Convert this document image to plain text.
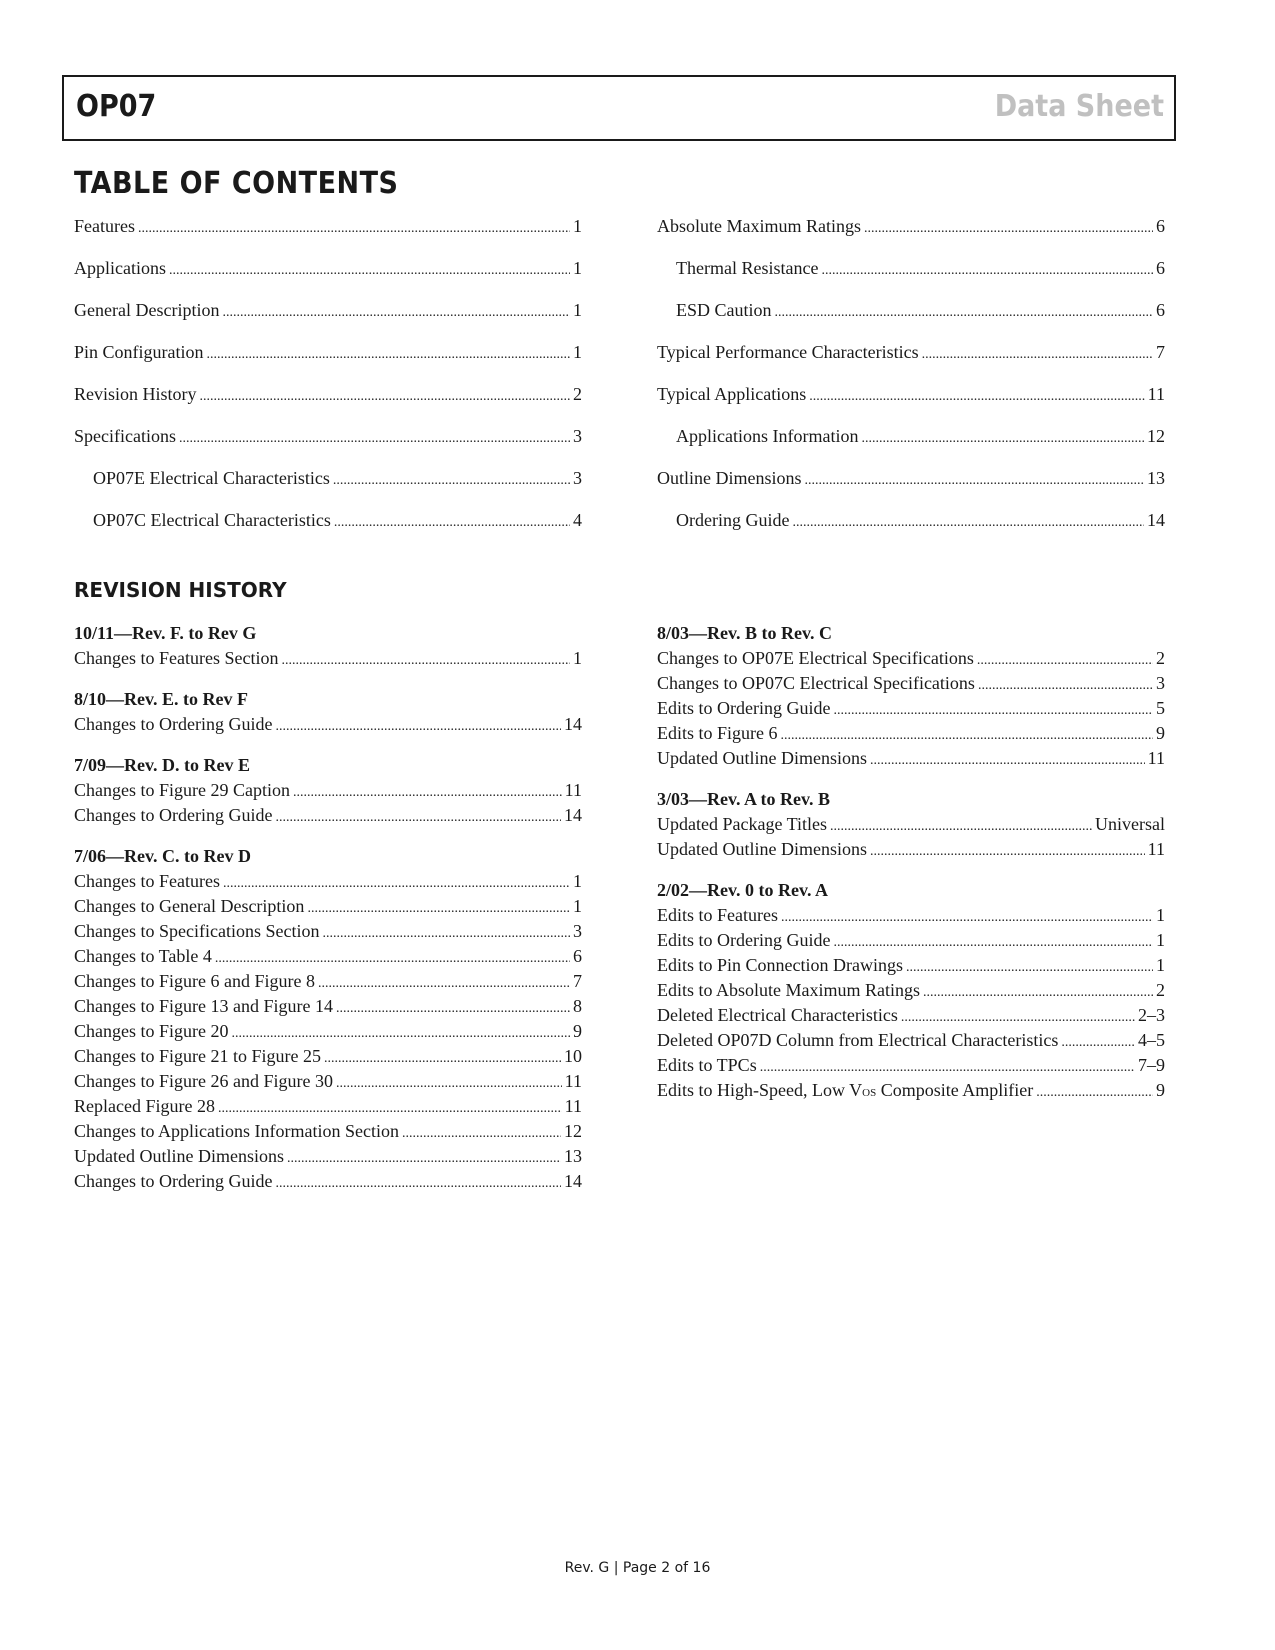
OP07	Data Sheet
TABLE OF CONTENTS
Features .....	1
Applications .....	1
General Description .....	1
Pin Configuration .....	1
Revision History .....	2
Specifications .....	3
OP07E Electrical Characteristics .....	3
OP07C Electrical Characteristics .....	4
Absolute Maximum Ratings .....	6
Thermal Resistance .....	6
ESD Caution .....	6
Typical Performance Characteristics .....	7
Typical Applications .....	11
Applications Information .....	12
Outline Dimensions .....	13
Ordering Guide .....	14
REVISION HISTORY
10/11—Rev. F. to Rev G
Changes to Features Section .....	1
8/10—Rev. E. to Rev F
Changes to Ordering Guide .....	14
7/09—Rev. D. to Rev E
Changes to Figure 29 Caption .....	11
Changes to Ordering Guide .....	14
7/06—Rev. C. to Rev D
Changes to Features .....	1
Changes to General Description .....	1
Changes to Specifications Section .....	3
Changes to Table 4 .....	6
Changes to Figure 6 and Figure 8 .....	7
Changes to Figure 13 and Figure 14 .....	8
Changes to Figure 20 .....	9
Changes to Figure 21 to Figure 25 .....	10
Changes to Figure 26 and Figure 30 .....	11
Replaced Figure 28 .....	11
Changes to Applications Information Section .....	12
Updated Outline Dimensions .....	13
Changes to Ordering Guide .....	14
8/03—Rev. B to Rev. C
Changes to OP07E Electrical Specifications .....	2
Changes to OP07C Electrical Specifications .....	3
Edits to Ordering Guide .....	5
Edits to Figure 6 .....	9
Updated Outline Dimensions .....	11
3/03—Rev. A to Rev. B
Updated Package Titles .....	Universal
Updated Outline Dimensions .....	11
2/02—Rev. 0 to Rev. A
Edits to Features .....	1
Edits to Ordering Guide .....	1
Edits to Pin Connection Drawings .....	1
Edits to Absolute Maximum Ratings .....	2
Deleted Electrical Characteristics .....	2–3
Deleted OP07D Column from Electrical Characteristics .....	4–5
Edits to TPCs .....	7–9
Edits to High-Speed, Low VOS Composite Amplifier .....	9
Rev. G | Page 2 of 16
